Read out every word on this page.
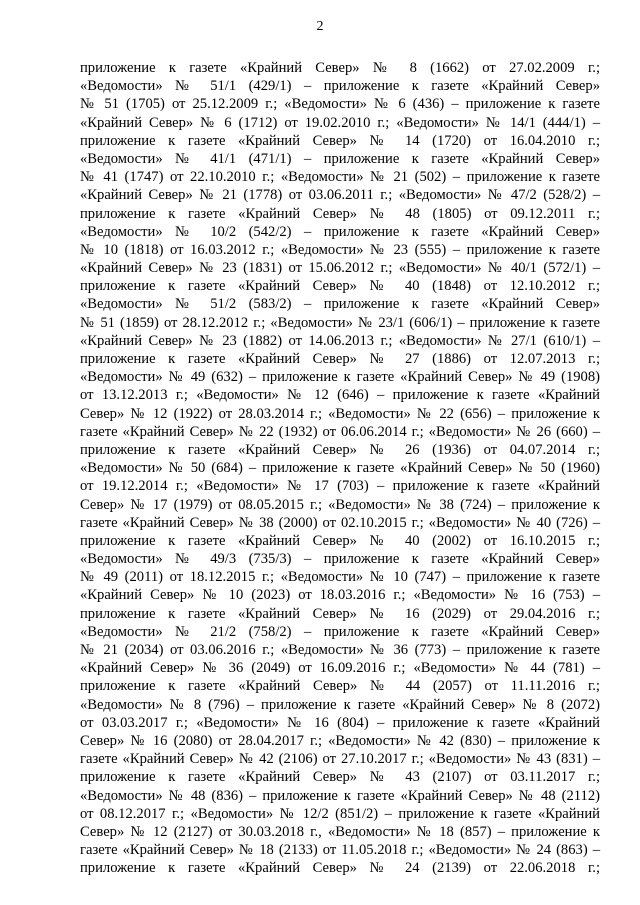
2
приложение к газете «Крайний Север» № 8 (1662) от 27.02.2009 г.;
«Ведомости» № 51/1 (429/1) – приложение к газете «Крайний Север»
№ 51 (1705) от 25.12.2009 г.; «Ведомости» № 6 (436) – приложение к газете
«Крайний Север» № 6 (1712) от 19.02.2010 г.; «Ведомости» № 14/1 (444/1) –
приложение к газете «Крайний Север» № 14 (1720) от 16.04.2010 г.;
«Ведомости» № 41/1 (471/1) – приложение к газете «Крайний Север»
№ 41 (1747) от 22.10.2010 г.; «Ведомости» № 21 (502) – приложение к газете
«Крайний Север» № 21 (1778) от 03.06.2011 г.; «Ведомости» № 47/2 (528/2) –
приложение к газете «Крайний Север» № 48 (1805) от 09.12.2011 г.;
«Ведомости» № 10/2 (542/2) – приложение к газете «Крайний Север»
№ 10 (1818) от 16.03.2012 г.; «Ведомости» № 23 (555) – приложение к газете
«Крайний Север» № 23 (1831) от 15.06.2012 г.; «Ведомости» № 40/1 (572/1) –
приложение к газете «Крайний Север» № 40 (1848) от 12.10.2012 г.;
«Ведомости» № 51/2 (583/2) – приложение к газете «Крайний Север»
№ 51 (1859) от 28.12.2012 г.; «Ведомости» № 23/1 (606/1) – приложение к газете
«Крайний Север» № 23 (1882) от 14.06.2013 г.; «Ведомости» № 27/1 (610/1) –
приложение к газете «Крайний Север» № 27 (1886) от 12.07.2013 г.;
«Ведомости» № 49 (632) – приложение к газете «Крайний Север» № 49 (1908)
от 13.12.2013 г.; «Ведомости» № 12 (646) – приложение к газете «Крайний
Север» № 12 (1922) от 28.03.2014 г.; «Ведомости» № 22 (656) – приложение к
газете «Крайний Север» № 22 (1932) от 06.06.2014 г.; «Ведомости» № 26 (660) –
приложение к газете «Крайний Север» № 26 (1936) от 04.07.2014 г.;
«Ведомости» № 50 (684) – приложение к газете «Крайний Север» № 50 (1960)
от 19.12.2014 г.; «Ведомости» № 17 (703) – приложение к газете «Крайний
Север» № 17 (1979) от 08.05.2015 г.; «Ведомости» № 38 (724) – приложение к
газете «Крайний Север» № 38 (2000) от 02.10.2015 г.; «Ведомости» № 40 (726) –
приложение к газете «Крайний Север» № 40 (2002) от 16.10.2015 г.;
«Ведомости» № 49/3 (735/3) – приложение к газете «Крайний Север»
№ 49 (2011) от 18.12.2015 г.; «Ведомости» № 10 (747) – приложение к газете
«Крайний Север» № 10 (2023) от 18.03.2016 г.; «Ведомости» № 16 (753) –
приложение к газете «Крайний Север» № 16 (2029) от 29.04.2016 г.;
«Ведомости» № 21/2 (758/2) – приложение к газете «Крайний Север»
№ 21 (2034) от 03.06.2016 г.; «Ведомости» № 36 (773) – приложение к газете
«Крайний Север» № 36 (2049) от 16.09.2016 г.; «Ведомости» № 44 (781) –
приложение к газете «Крайний Север» № 44 (2057) от 11.11.2016 г.;
«Ведомости» № 8 (796) – приложение к газете «Крайний Север» № 8 (2072)
от 03.03.2017 г.; «Ведомости» № 16 (804) – приложение к газете «Крайний
Север» № 16 (2080) от 28.04.2017 г.; «Ведомости» № 42 (830) – приложение к
газете «Крайний Север» № 42 (2106) от 27.10.2017 г.; «Ведомости» № 43 (831) –
приложение к газете «Крайний Север» № 43 (2107) от 03.11.2017 г.;
«Ведомости» № 48 (836) – приложение к газете «Крайний Север» № 48 (2112)
от 08.12.2017 г.; «Ведомости» № 12/2 (851/2) – приложение к газете «Крайний
Север» № 12 (2127) от 30.03.2018 г., «Ведомости» № 18 (857) – приложение к
газете «Крайний Север» № 18 (2133) от 11.05.2018 г.; «Ведомости» № 24 (863) –
приложение к газете «Крайний Север» № 24 (2139) от 22.06.2018 г.;
